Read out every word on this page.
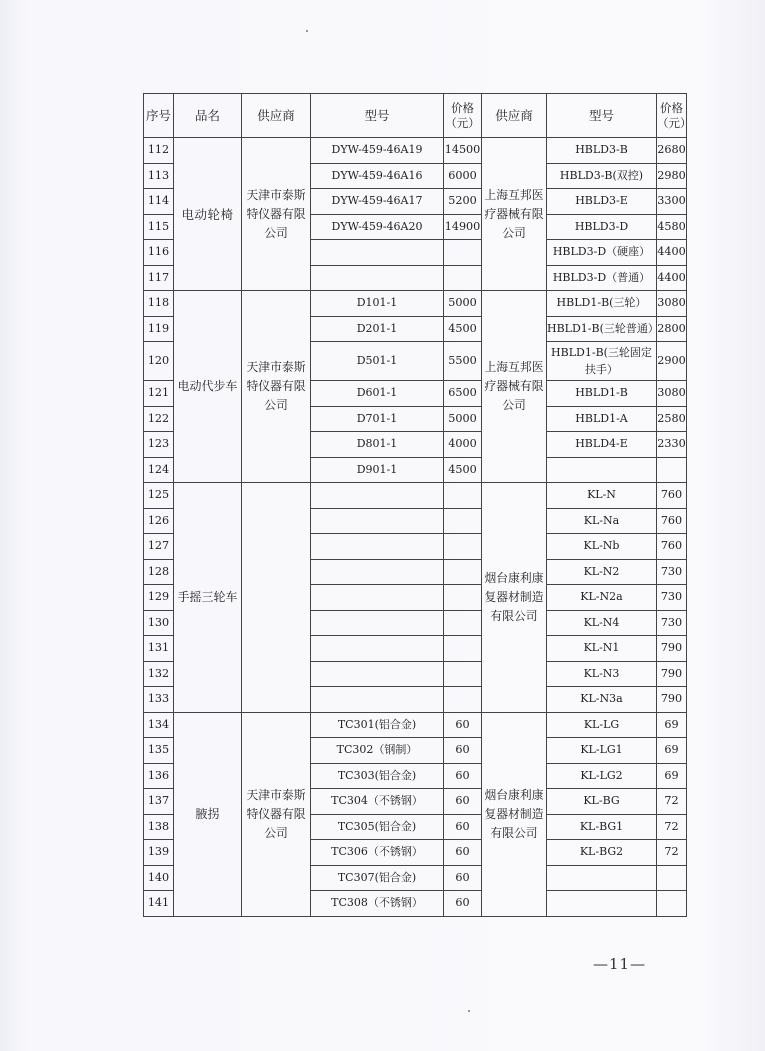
序号	品名	供应商	型号	价格（元）	供应商	型号	价格（元）
112	电动轮椅	天津市泰斯特仪器有限公司	DYW-459-46A19	14500	上海互邦医疗器械有限公司	HBLD3-B	2680
113			DYW-459-46A16	6000		HBLD3-B(双控)	2980
114			DYW-459-46A17	5200		HBLD3-E	3300
115			DYW-459-46A20	14900		HBLD3-D	4580
116						HBLD3-D（硬座）	4400
117						HBLD3-D（普通）	4400
118	电动代步车	天津市泰斯特仪器有限公司	D101-1	5000	上海互邦医疗器械有限公司	HBLD1-B(三轮）	3080
119			D201-1	4500		HBLD1-B(三轮普通）	2800
120			D501-1	5500		HBLD1-B(三轮固定扶手）	2900
121			D601-1	6500		HBLD1-B	3080
122			D701-1	5000		HBLD1-A	2580
123			D801-1	4000		HBLD4-E	2330
124			D901-1	4500			
125	手摇三轮车				烟台康利康复器材制造有限公司	KL-N	760
126						KL-Na	760
127						KL-Nb	760
128						KL-N2	730
129						KL-N2a	730
130						KL-N4	730
131						KL-N1	790
132						KL-N3	790
133						KL-N3a	790
134	腋拐	天津市泰斯特仪器有限公司	TC301(铝合金)	60	烟台康利康复器材制造有限公司	KL-LG	69
135			TC302（钢制）	60		KL-LG1	69
136			TC303(铝合金)	60		KL-LG2	69
137			TC304（不锈钢）	60		KL-BG	72
138			TC305(铝合金)	60		KL-BG1	72
139			TC306（不锈钢）	60		KL-BG2	72
140			TC307(铝合金)	60			
141			TC308（不锈钢）	60			
—11—
